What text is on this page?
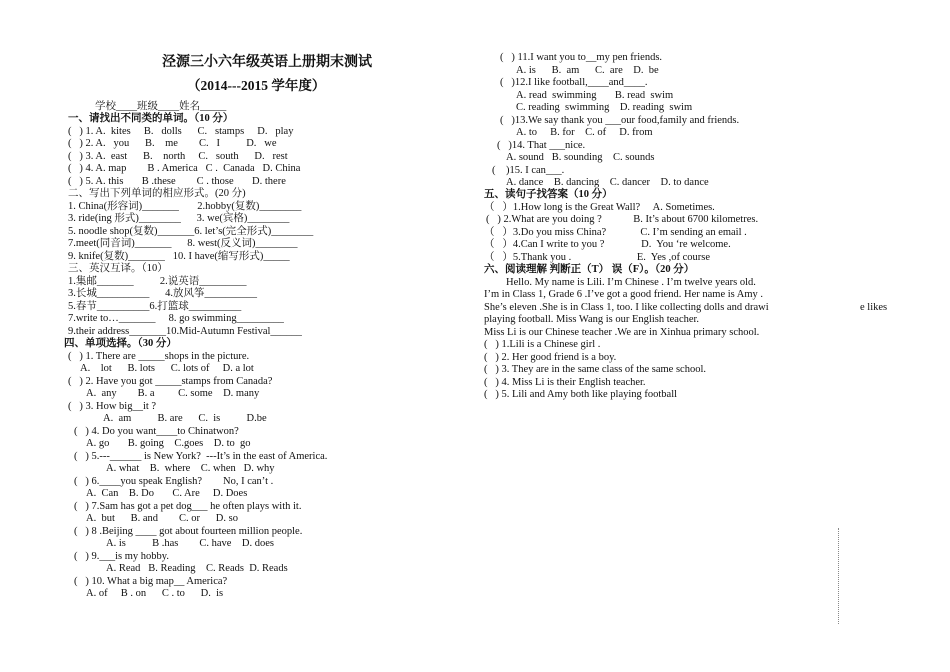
泾源三小六年级英语上册期末测试
（2014---2015 学年度）
学校____班级____姓名_____
一、请找出不同类的单词。（10 分）
(   ) 1. A.  kites     B.   dolls      C.   stamps     D.   play
(   ) 2. A.   you      B.    me        C.   I          D.   we
(   ) 3. A.  east      B.    north     C.   south      D.   rest
(   ) 4. A. map        B . America   C .  Canada   D. China
(   ) 5. A. this       B .these        C . those       D. there
二、写出下列单词的相应形式。(20 分)
1. China(形容词)_______       2.hobby(复数)________
3. ride(ing 形式)________      3. we(宾格)________
5. noodle shop(复数)_______6. let’s(完全形式)________
7.meet(同音词)_______      8. west(反义词)________
9. knife(复数)_______   10. I have(缩写形式)_____
三、英汉互译。（10）
1.集邮_______          2.说英语_________
3.长城__________      4.放风筝__________
5.春节__________6.打篮球__________
7.write to…_______     8. go swimming_________
9.their address_______10.Mid-Autumn Festival______
四、单项选择。（30 分）
(   ) 1. There are _____shops in the picture.
A.    lot      B. lots      C. lots of     D. a lot
(   ) 2. Have you got _____stamps from Canada?
A.  any        B. a         C. some    D. many
(   ) 3. How big__it ?
A.  am          B. are      C.  is          D.be
(   ) 4. Do you want____to Chinatwon?
A. go       B. going    C.goes    D. to  go
(   ) 5.---______ is New York?  ---It’s in the east of America.
A. what    B.  where    C. when   D. why
(   ) 6.____you speak English?        No, I can’t .
A.  Can    B. Do       C. Are     D. Does
(   ) 7.Sam has got a pet dog___ he often plays with it.
A.  but      B. and        C. or      D. so
(   ) 8 .Beijing ____ got about fourteen million people.
A. is          B .has        C. have    D. does
(   ) 9.___is my hobby.
A. Read   B. Reading    C. Reads  D. Reads
(   ) 10. What a big map__ America?
A. of     B . on      C . to      D.  is
(   ) 11.I want you to__my pen friends.
A. is      B.  am      C.  are    D.  be
(   )12.I like football,____and____.
A. read  swimming       B. read  swim
C. reading  swimming    D. reading  swim
(   )13.We say thank you ___our food,family and friends.
A. to     B. for    C. of     D. from
(   )14. That ___nice.
A. sound   B. sounding    C. sounds
(    )15. I can___.
A. dance    B. dancing    C. dancer    D. to dance
五、读句子找答案（10 分）
（   ）1.How long is the Great Wall?     A. Sometimes.
(   ) 2.What are you doing ?            B. It’s about 6700 kilometres.
（   ）3.Do you miss China?             C. I’m sending an email .
（   ）4.Can I write to you ?              D.  You ‘re welcome.
（   ）5.Thank you .                         E.  Yes ,of course
六、阅读理解 判断正（T） 误（F）。（20 分）
Hello. My name is Lili. I’m Chinese . I’m twelve years old.
I’m in Class 1, Grade 6 .I’ve got a good friend. Her name is Amy .
She’s eleven .She is in Class 1, too. I like collecting dolls and drawi	e likes
playing football. Miss Wang is our English teacher.
Miss Li is our Chinese teacher .We are in Xinhua primary school.
(   ) 1.Lili is a Chinese girl .
(   ) 2. Her good friend is a boy.
(   ) 3. They are in the same class of the same school.
(   ) 4. Miss Li is their English teacher.
(   ) 5. Lili and Amy both like playing football
